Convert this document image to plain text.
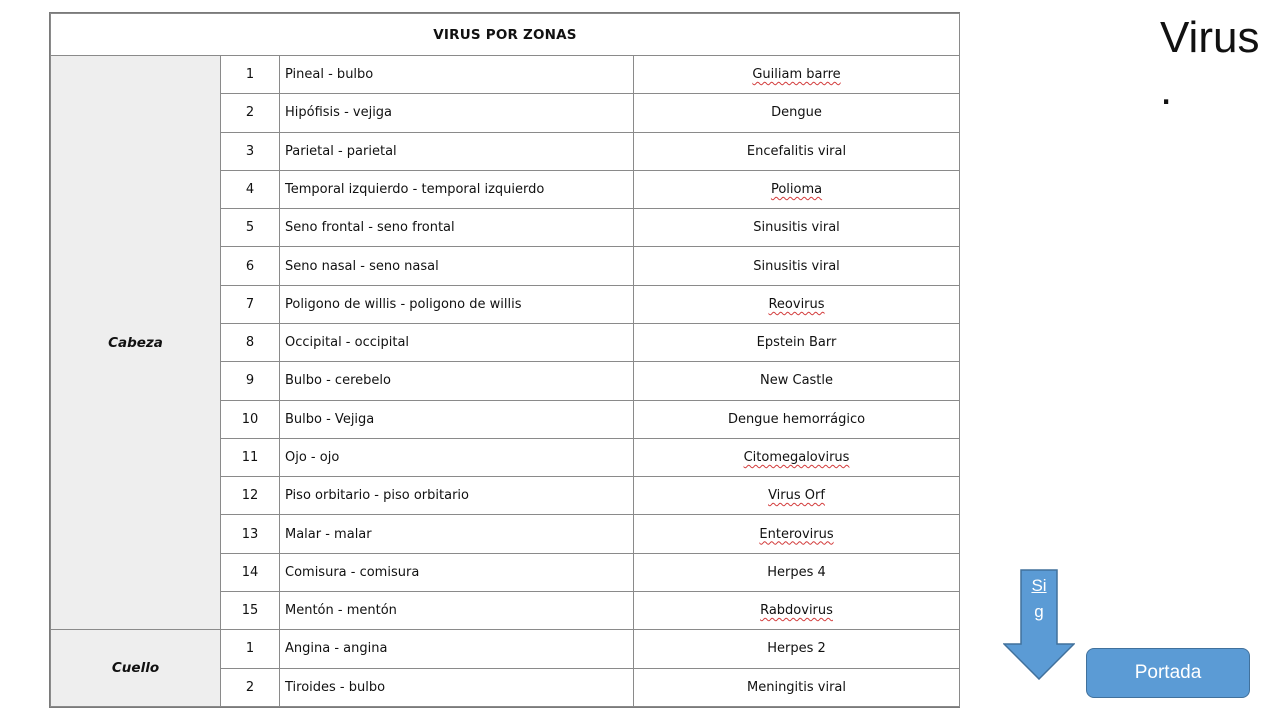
VIRUS POR ZONAS			
Cabeza	1	Pineal - bulbo	Guiliam barre
	2	Hipófisis - vejiga	Dengue
	3	Parietal - parietal	Encefalitis viral
	4	Temporal izquierdo - temporal izquierdo	Polioma
	5	Seno frontal - seno frontal	Sinusitis viral
	6	Seno nasal - seno nasal	Sinusitis viral
	7	Poligono de willis - poligono de willis	Reovirus
	8	Occipital - occipital	Epstein Barr
	9	Bulbo - cerebelo	New Castle
	10	Bulbo - Vejiga	Dengue hemorrágico
	11	Ojo - ojo	Citomegalovirus
	12	Piso orbitario - piso orbitario	Virus Orf
	13	Malar - malar	Enterovirus
	14	Comisura - comisura	Herpes 4
	15	Mentón - mentón	Rabdovirus
Cuello	1	Angina - angina	Herpes 2
	2	Tiroides - bulbo	Meningitis viral
Virus
.
Sig
Portada
